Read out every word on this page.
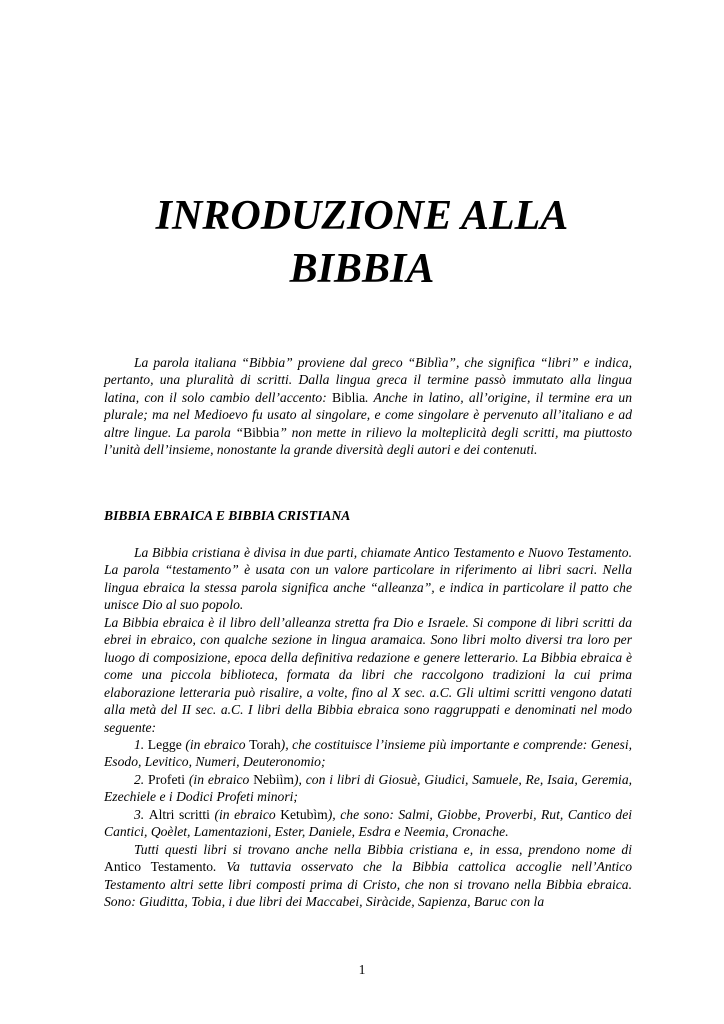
INRODUZIONE ALLA
BIBBIA

La parola italiana “Bibbia” proviene dal greco “Biblìa”, che significa “libri” e indica, pertanto, una pluralità di scritti. Dalla lingua greca il termine passò immutato alla lingua latina, con il solo cambio dell’accento: Biblia. Anche in latino, all’origine, il termine era un plurale; ma nel Medioevo fu usato al singolare, e come singolare è pervenuto all’italiano e ad altre lingue. La parola “Bibbia” non mette in rilievo la molteplicità degli scritti, ma piuttosto l’unità dell’insieme, nonostante la grande diversità degli autori e dei contenuti.

BIBBIA EBRAICA E BIBBIA CRISTIANA

La Bibbia cristiana è divisa in due parti, chiamate Antico Testamento e Nuovo Testamento. La parola “testamento” è usata con un valore particolare in riferimento ai libri sacri. Nella lingua ebraica la stessa parola significa anche “alleanza”, e indica in particolare il patto che unisce Dio al suo popolo.

La Bibbia ebraica è il libro dell’alleanza stretta fra Dio e Israele. Si compone di libri scritti da ebrei in ebraico, con qualche sezione in lingua aramaica. Sono libri molto diversi tra loro per luogo di composizione, epoca della definitiva redazione e genere letterario. La Bibbia ebraica è come una piccola biblioteca, formata da libri che raccolgono tradizioni la cui prima elaborazione letteraria può risalire, a volte, fino al X sec. a.C. Gli ultimi scritti vengono datati alla metà del II sec. a.C. I libri della Bibbia ebraica sono raggruppati e denominati nel modo seguente:

1. Legge (in ebraico Torah), che costituisce l’insieme più importante e comprende: Genesi, Esodo, Levitico, Numeri, Deuteronomio;

2. Profeti (in ebraico Nebiìm), con i libri di Giosuè, Giudici, Samuele, Re, Isaia, Geremia, Ezechiele e i Dodici Profeti minori;

3. Altri scritti (in ebraico Ketubìm), che sono: Salmi, Giobbe, Proverbi, Rut, Cantico dei Cantici, Qoèlet, Lamentazioni, Ester, Daniele, Esdra e Neemia, Cronache.

Tutti questi libri si trovano anche nella Bibbia cristiana e, in essa, prendono nome di Antico Testamento. Va tuttavia osservato che la Bibbia cattolica accoglie nell’Antico Testamento altri sette libri composti prima di Cristo, che non si trovano nella Bibbia ebraica. Sono: Giuditta, Tobia, i due libri dei Maccabei, Siràcide, Sapienza, Baruc con la

1
